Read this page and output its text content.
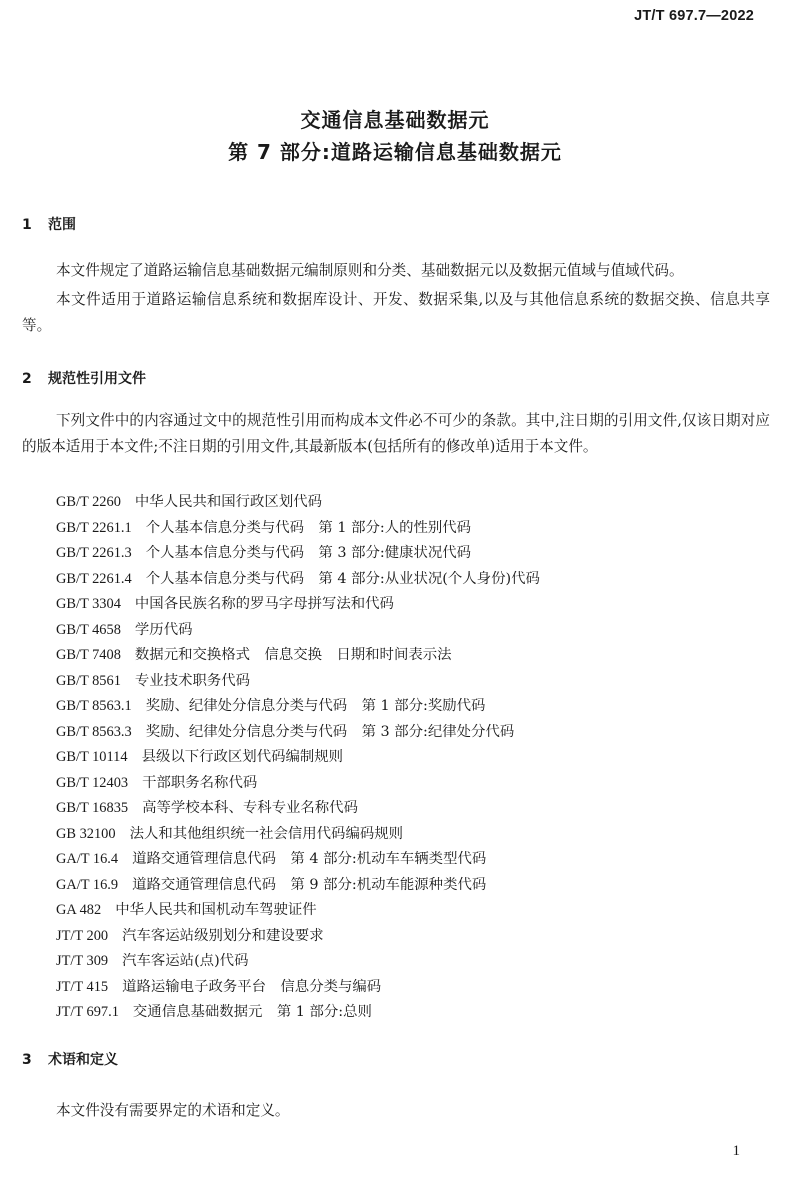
JT/T 697.7—2022
交通信息基础数据元
第 7 部分:道路运输信息基础数据元
1 范围
本文件规定了道路运输信息基础数据元编制原则和分类、基础数据元以及数据元值域与值域代码。
本文件适用于道路运输信息系统和数据库设计、开发、数据采集,以及与其他信息系统的数据交换、信息共享等。
2 规范性引用文件
下列文件中的内容通过文中的规范性引用而构成本文件必不可少的条款。其中,注日期的引用文件,仅该日期对应的版本适用于本文件;不注日期的引用文件,其最新版本(包括所有的修改单)适用于本文件。
GB/T 2260 中华人民共和国行政区划代码
GB/T 2261.1 个人基本信息分类与代码　第 1 部分:人的性别代码
GB/T 2261.3 个人基本信息分类与代码　第 3 部分:健康状况代码
GB/T 2261.4 个人基本信息分类与代码　第 4 部分:从业状况(个人身份)代码
GB/T 3304 中国各民族名称的罗马字母拼写法和代码
GB/T 4658 学历代码
GB/T 7408 数据元和交换格式　信息交换　日期和时间表示法
GB/T 8561 专业技术职务代码
GB/T 8563.1 奖励、纪律处分信息分类与代码　第 1 部分:奖励代码
GB/T 8563.3 奖励、纪律处分信息分类与代码　第 3 部分:纪律处分代码
GB/T 10114 县级以下行政区划代码编制规则
GB/T 12403 干部职务名称代码
GB/T 16835 高等学校本科、专科专业名称代码
GB 32100 法人和其他组织统一社会信用代码编码规则
GA/T 16.4 道路交通管理信息代码　第 4 部分:机动车车辆类型代码
GA/T 16.9 道路交通管理信息代码　第 9 部分:机动车能源种类代码
GA 482 中华人民共和国机动车驾驶证件
JT/T 200 汽车客运站级别划分和建设要求
JT/T 309 汽车客运站(点)代码
JT/T 415 道路运输电子政务平台　信息分类与编码
JT/T 697.1 交通信息基础数据元　第 1 部分:总则
3 术语和定义
本文件没有需要界定的术语和定义。
1
